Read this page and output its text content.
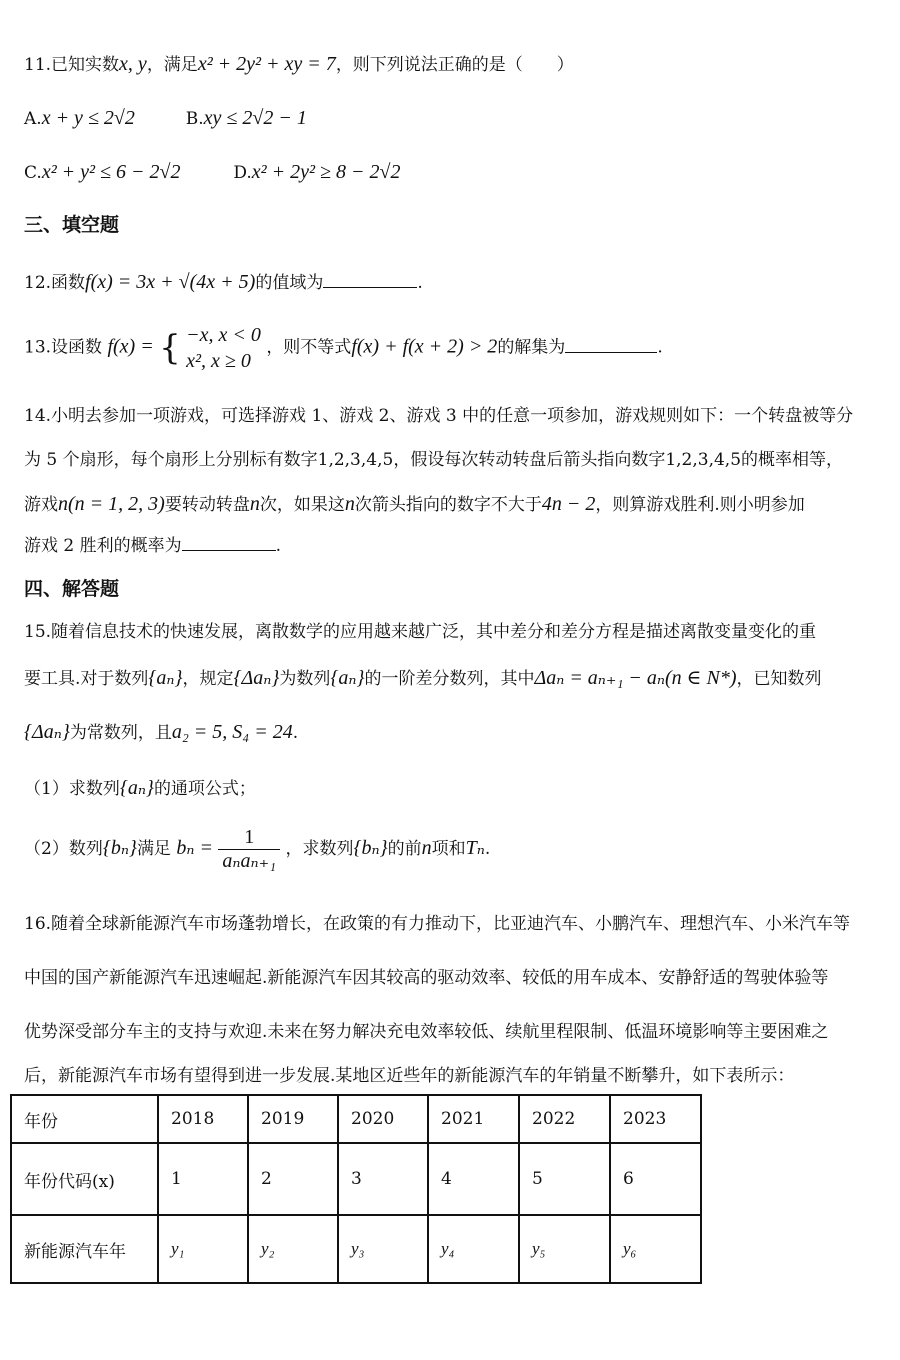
11.已知实数x, y，满足x² + 2y² + xy = 7，则下列说法正确的是（　　）
A.x + y ≤ 2√2	B.xy ≤ 2√2 − 1
C.x² + y² ≤ 6 − 2√2	D.x² + 2y² ≥ 8 − 2√2
三、填空题
12.函数f(x) = 3x + √(4x + 5)的值域为	.
13.设函数 f(x) = { −x, x < 0
x², x ≥ 0
，则不等式f(x) + f(x + 2) > 2的解集为	.
14.小明去参加一项游戏，可选择游戏 1、游戏 2、游戏 3 中的任意一项参加，游戏规则如下：一个转盘被等分
为 5 个扇形，每个扇形上分别标有数字1,2,3,4,5，假设每次转动转盘后箭头指向数字1,2,3,4,5的概率相等，
游戏n(n = 1, 2, 3)要转动转盘n次，如果这n次箭头指向的数字不大于4n − 2，则算游戏胜利.则小明参加
游戏 2 胜利的概率为	.
四、解答题
15.随着信息技术的快速发展，离散数学的应用越来越广泛，其中差分和差分方程是描述离散变量变化的重
要工具.对于数列{aₙ}，规定{Δaₙ}为数列{aₙ}的一阶差分数列，其中Δaₙ = aₙ₊₁ − aₙ(n ∈ N*)，已知数列
{Δaₙ}为常数列，且a₂ = 5, S₄ = 24.
（1）求数列{aₙ}的通项公式；
（2）数列{bₙ}满足 bₙ =	1
aₙaₙ₊₁
，求数列{bₙ}的前n项和Tₙ.
16.随着全球新能源汽车市场蓬勃增长，在政策的有力推动下，比亚迪汽车、小鹏汽车、理想汽车、小米汽车等
中国的国产新能源汽车迅速崛起.新能源汽车因其较高的驱动效率、较低的用车成本、安静舒适的驾驶体验等
优势深受部分车主的支持与欢迎.未来在努力解决充电效率较低、续航里程限制、低温环境影响等主要困难之
后，新能源汽车市场有望得到进一步发展.某地区近些年的新能源汽车的年销量不断攀升，如下表所示：
年份	2018	2019	2020	2021	2022	2023
年份代码(x)	1	2	3	4	5	6
新能源汽车年	y₁	y₂	y₃	y₄	y₅	y₆
